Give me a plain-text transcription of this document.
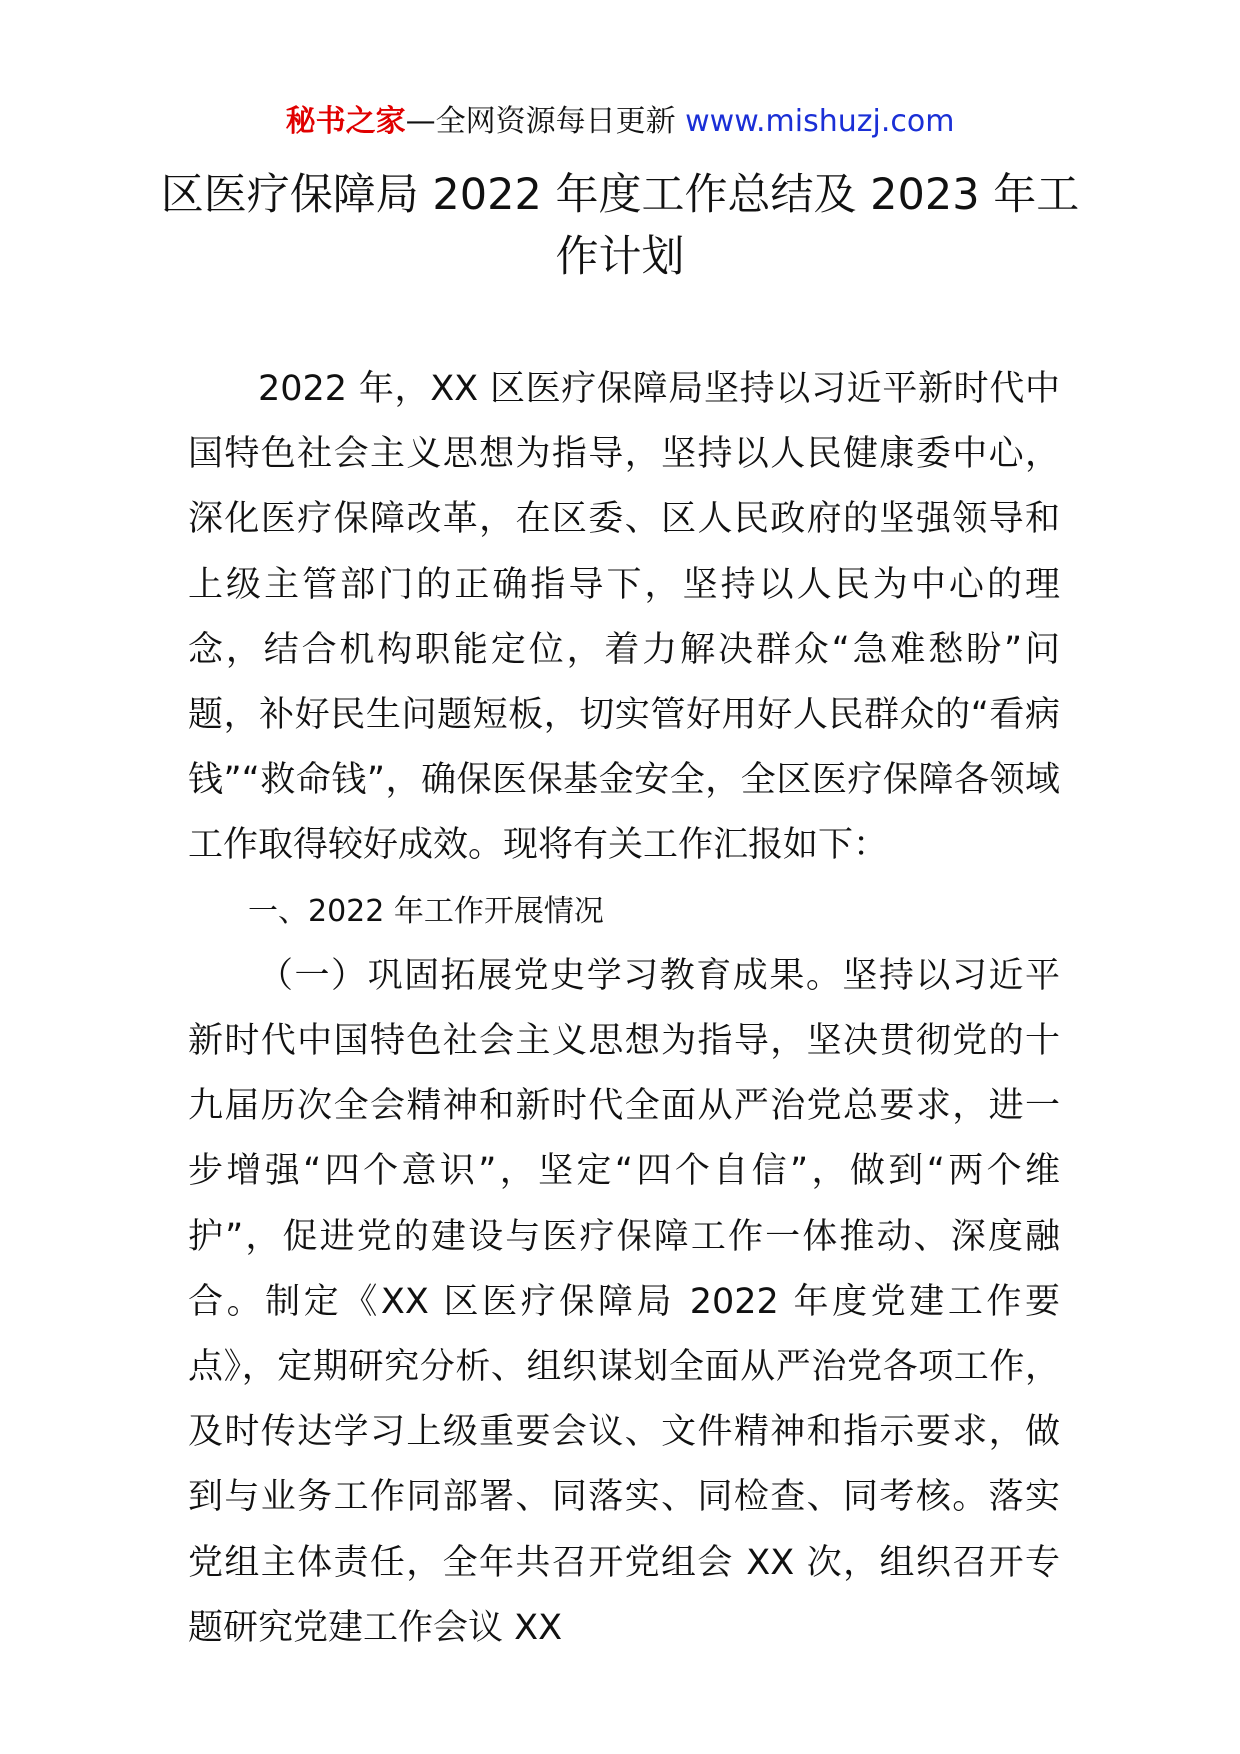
秘书之家—全网资源每日更新 www.mishuzj.com
区医疗保障局 2022 年度工作总结及 2023 年工作计划

2022 年，XX 区医疗保障局坚持以习近平新时代中国特色社会主义思想为指导，坚持以人民健康委中心，深化医疗保障改革，在区委、区人民政府的坚强领导和上级主管部门的正确指导下，坚持以人民为中心的理念，结合机构职能定位，着力解决群众“急难愁盼”问题，补好民生问题短板，切实管好用好人民群众的“看病钱”“救命钱”，确保医保基金安全，全区医疗保障各领域工作取得较好成效。现将有关工作汇报如下：

一、2022 年工作开展情况

（一）巩固拓展党史学习教育成果。坚持以习近平新时代中国特色社会主义思想为指导，坚决贯彻党的十九届历次全会精神和新时代全面从严治党总要求，进一步增强“四个意识”，坚定“四个自信”，做到“两个维护”，促进党的建设与医疗保障工作一体推动、深度融合。制定《XX 区医疗保障局 2022 年度党建工作要点》，定期研究分析、组织谋划全面从严治党各项工作，及时传达学习上级重要会议、文件精神和指示要求，做到与业务工作同部署、同落实、同检查、同考核。落实党组主体责任，全年共召开党组会 XX 次，组织召开专题研究党建工作会议 XX
